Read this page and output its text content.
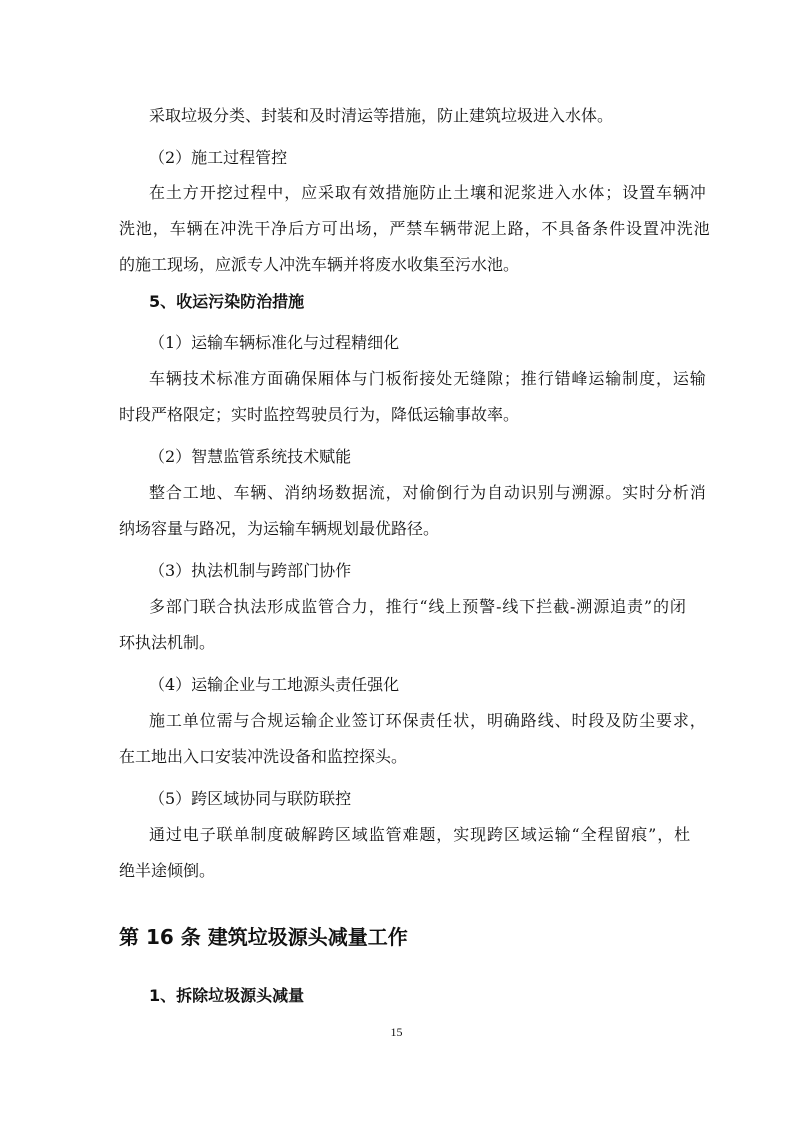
采取垃圾分类、封装和及时清运等措施，防止建筑垃圾进入水体。
（2）施工过程管控
在土方开挖过程中，应采取有效措施防止土壤和泥浆进入水体；设置车辆冲
洗池，车辆在冲洗干净后方可出场，严禁车辆带泥上路，不具备条件设置冲洗池
的施工现场，应派专人冲洗车辆并将废水收集至污水池。
5、收运污染防治措施
（1）运输车辆标准化与过程精细化
车辆技术标准方面确保厢体与门板衔接处无缝隙；推行错峰运输制度，运输
时段严格限定；实时监控驾驶员行为，降低运输事故率。
（2）智慧监管系统技术赋能
整合工地、车辆、消纳场数据流，对偷倒行为自动识别与溯源。实时分析消
纳场容量与路况，为运输车辆规划最优路径。
（3）执法机制与跨部门协作
多部门联合执法形成监管合力，推行“线上预警-线下拦截-溯源追责”的闭
环执法机制。
（4）运输企业与工地源头责任强化
施工单位需与合规运输企业签订环保责任状，明确路线、时段及防尘要求，
在工地出入口安装冲洗设备和监控探头。
（5）跨区域协同与联防联控
通过电子联单制度破解跨区域监管难题，实现跨区域运输“全程留痕”，杜
绝半途倾倒。
第 16 条 建筑垃圾源头减量工作
1、拆除垃圾源头减量
15
